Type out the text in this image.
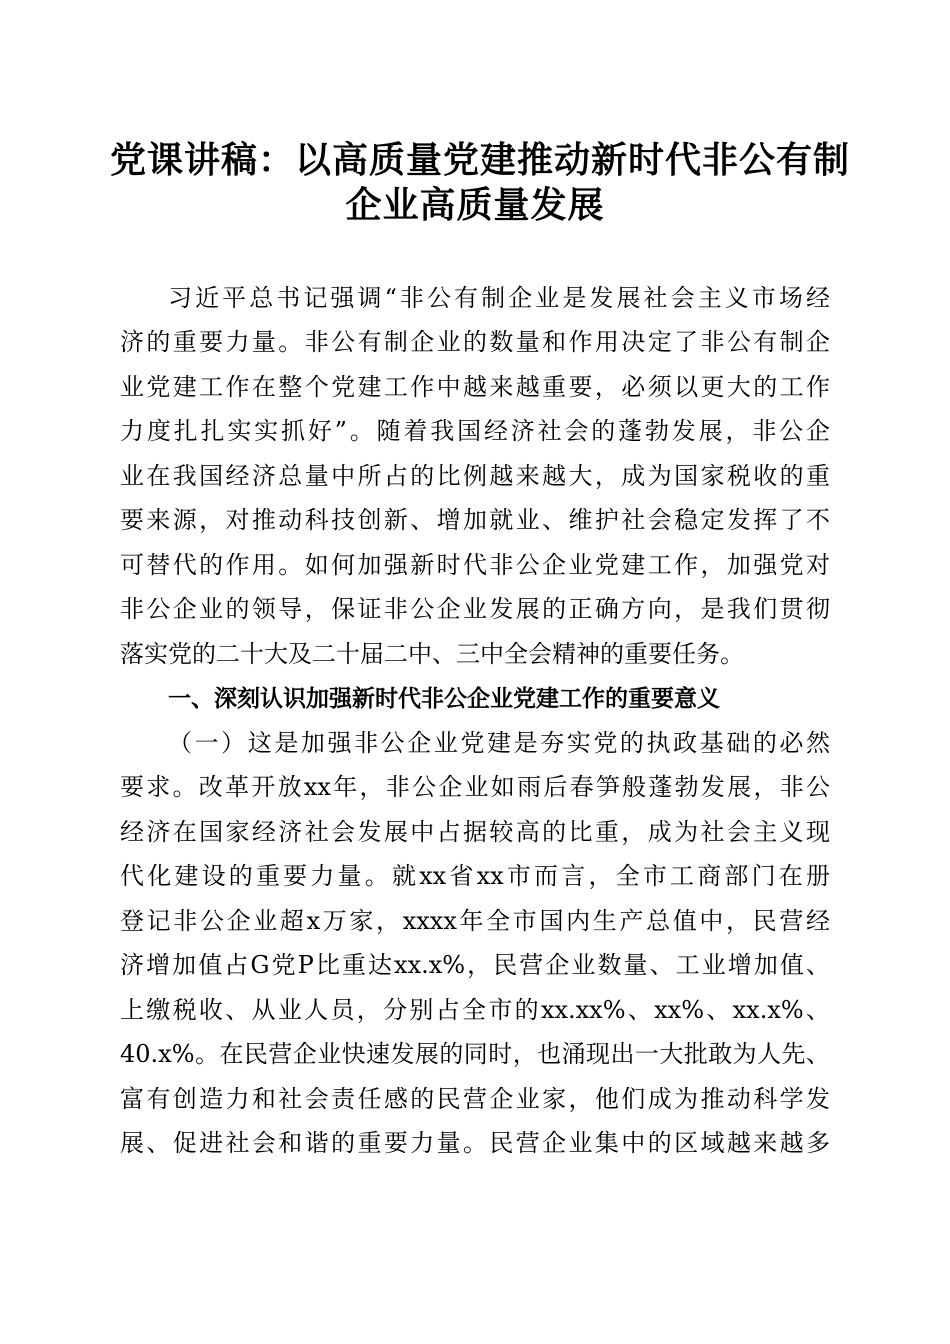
党课讲稿：以高质量党建推动新时代非公有制
企业高质量发展
习近平总书记强调“非公有制企业是发展社会主义市场经
济的重要力量。非公有制企业的数量和作用决定了非公有制企
业党建工作在整个党建工作中越来越重要，必须以更大的工作
力度扎扎实实抓好”。随着我国经济社会的蓬勃发展，非公企
业在我国经济总量中所占的比例越来越大，成为国家税收的重
要来源，对推动科技创新、增加就业、维护社会稳定发挥了不
可替代的作用。如何加强新时代非公企业党建工作，加强党对
非公企业的领导，保证非公企业发展的正确方向，是我们贯彻
落实党的二十大及二十届二中、三中全会精神的重要任务。
一、深刻认识加强新时代非公企业党建工作的重要意义
（一）这是加强非公企业党建是夯实党的执政基础的必然
要求。改革开放xx年，非公企业如雨后春笋般蓬勃发展，非公
经济在国家经济社会发展中占据较高的比重，成为社会主义现
代化建设的重要力量。就xx省xx市而言，全市工商部门在册
登记非公企业超x万家，xxxx年全市国内生产总值中，民营经
济增加值占G党P比重达xx.x%，民营企业数量、工业增加值、
上缴税收、从业人员，分别占全市的xx.xx%、xx%、xx.x%、
40.x%。在民营企业快速发展的同时，也涌现出一大批敢为人先、
富有创造力和社会责任感的民营企业家，他们成为推动科学发
展、促进社会和谐的重要力量。民营企业集中的区域越来越多
